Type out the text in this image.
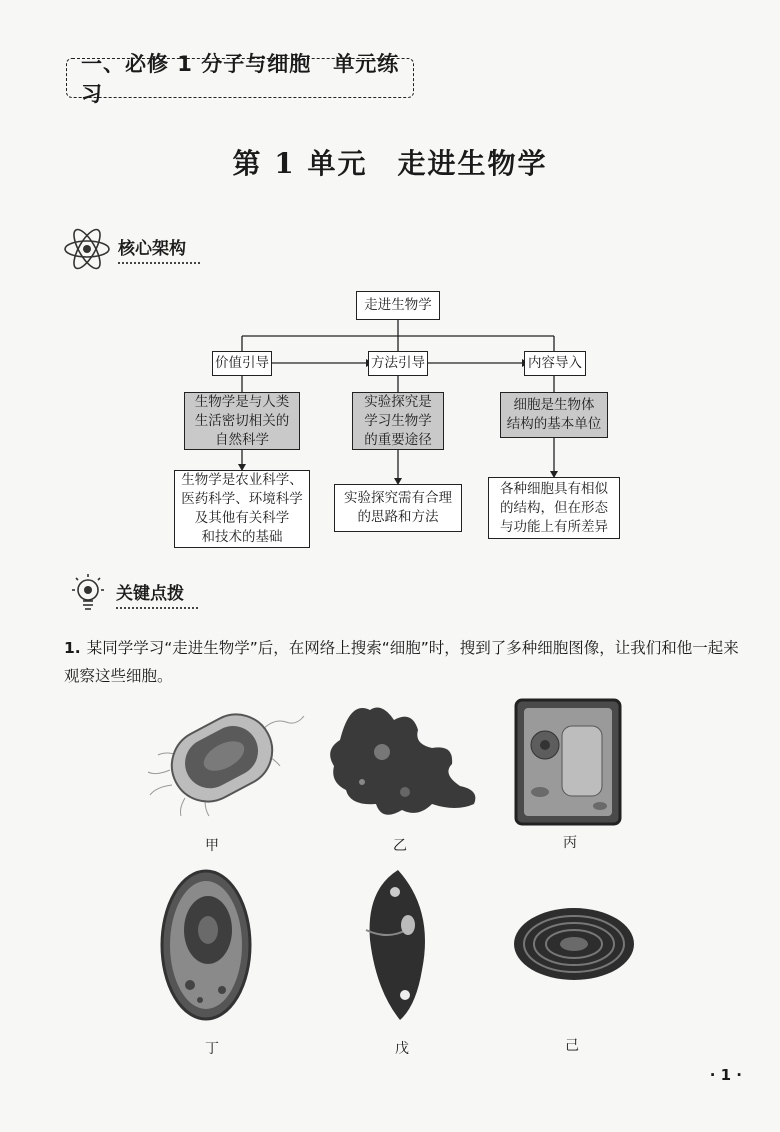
一、必修 1 分子与细胞　单元练习
第 1 单元　走进生物学
核心架构
走进生物学
价值引导	方法引导	内容导入
生物学是与人类
生活密切相关的
自然科学
实验探究是
学习生物学
的重要途径
细胞是生物体
结构的基本单位
生物学是农业科学、
医药科学、环境科学
及其他有关科学
和技术的基础
实验探究需有合理
的思路和方法
各种细胞具有相似
的结构，但在形态
与功能上有所差异
关键点拨
1. 某同学学习“走进生物学”后，在网络上搜索“细胞”时，搜到了多种细胞图像，让我们和他一起来观察这些细胞。
甲	乙	丙
丁	戊	己
· 1 ·
